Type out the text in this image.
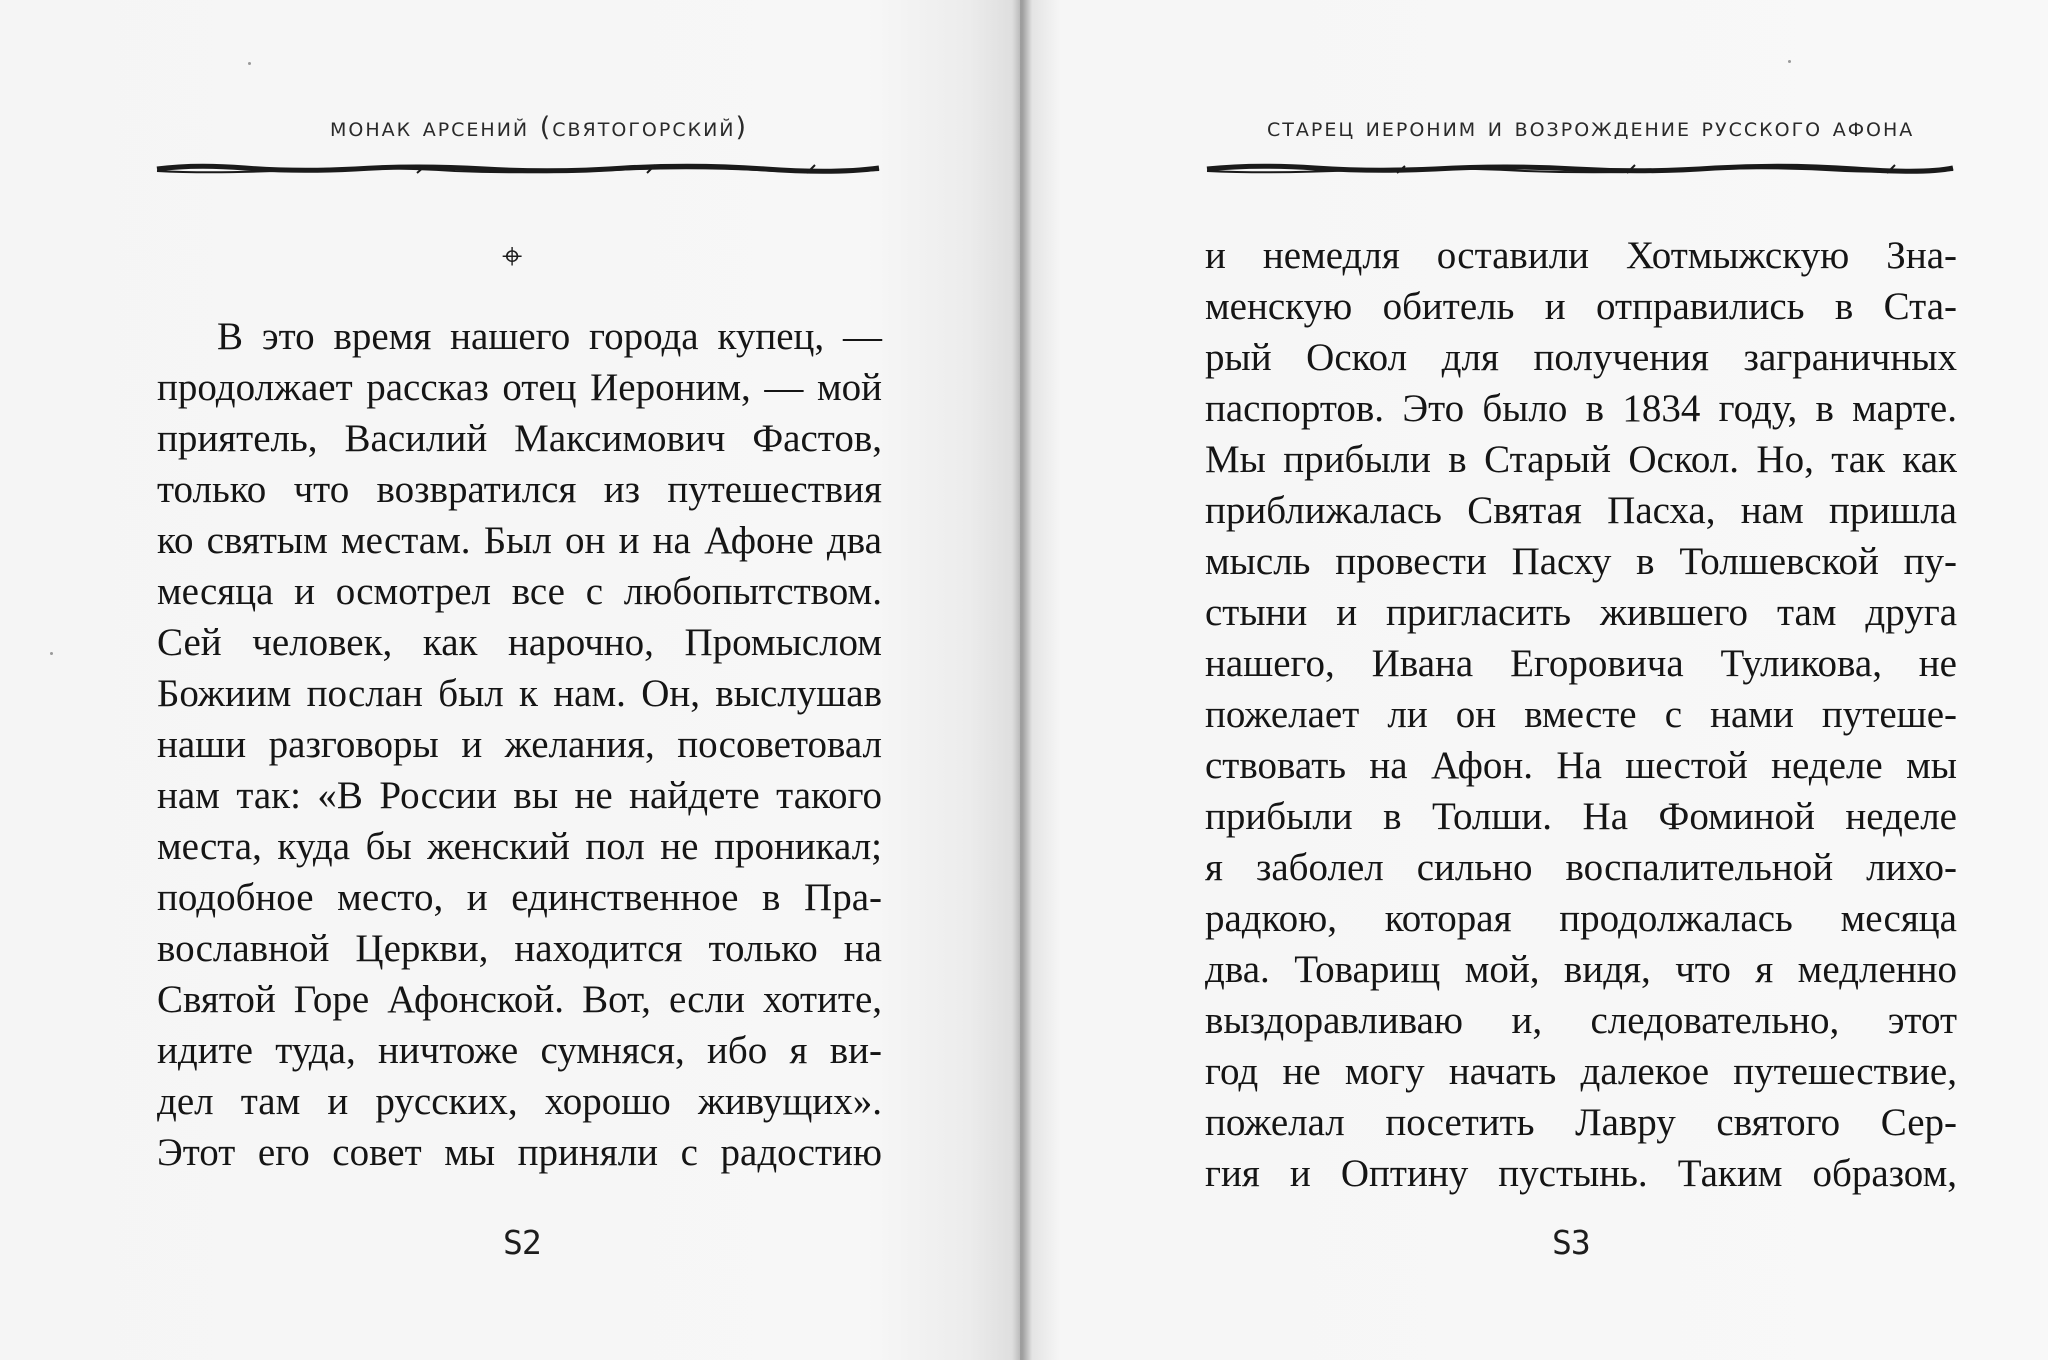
монак арсений (святогорский)
⌖
В это время нашего города купец, —
продолжает рассказ отец Иероним, — мой
приятель, Василий Максимович Фастов,
только что возвратился из путешествия
ко святым местам. Был он и на Афоне два
месяца и осмотрел все с любопытством.
Сей человек, как нарочно, Промыслом
Божиим послан был к нам. Он, выслушав
наши разговоры и желания, посоветовал
нам так: «В России вы не найдете такого
места, куда бы женский пол не проникал;
подобное место, и единственное в Пра-
вославной Церкви, находится только на
Святой Горе Афонской. Вот, если хотите,
идите туда, ничтоже сумняся, ибо я ви-
дел там и русских, хорошо живущих».
Этот его совет мы приняли с радостию
S2
старец иероним и возрождение русского афона
и немедля оставили Хотмыжскую Зна-
менскую обитель и отправились в Ста-
рый Оскол для получения заграничных
паспортов. Это было в 1834 году, в марте.
Мы прибыли в Старый Оскол. Но, так как
приближалась Святая Пасха, нам пришла
мысль провести Пасху в Толшевской пу-
стыни и пригласить жившего там друга
нашего, Ивана Егоровича Туликова, не
пожелает ли он вместе с нами путеше-
ствовать на Афон. На шестой неделе мы
прибыли в Толши. На Фоминой неделе
я заболел сильно воспалительной лихо-
радкою, которая продолжалась месяца
два. Товарищ мой, видя, что я медленно
выздоравливаю и, следовательно, этот
год не могу начать далекое путешествие,
пожелал посетить Лавру святого Сер-
гия и Оптину пустынь. Таким образом,
S3
